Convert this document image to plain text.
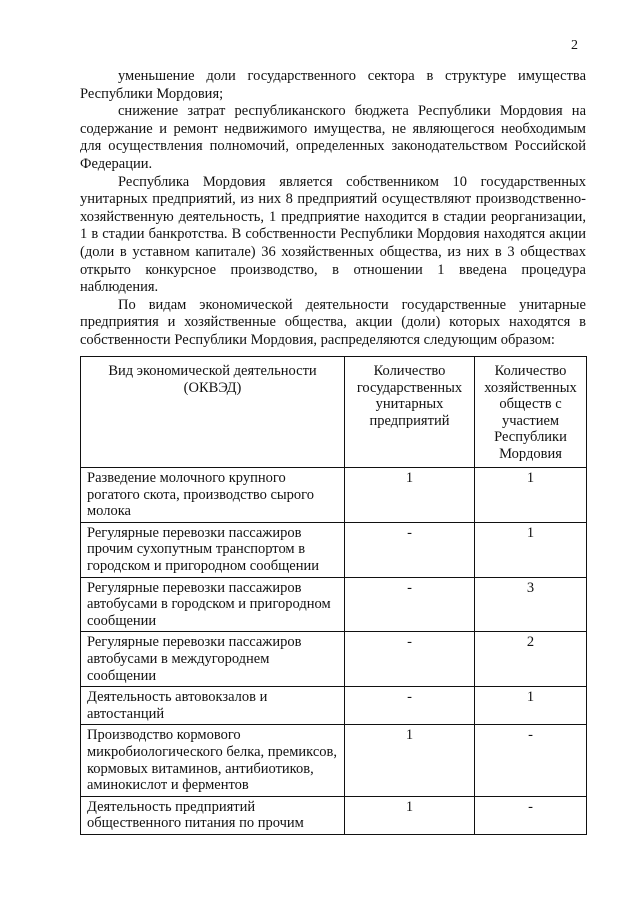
2

уменьшение доли государственного сектора в структуре имущества Республики Мордовия;

снижение затрат республиканского бюджета Республики Мордовия на содержание и ремонт недвижимого имущества, не являющегося необходимым для осуществления полномочий, определенных законодательством Российской Федерации.

Республика Мордовия является собственником 10 государственных унитарных предприятий, из них 8 предприятий осуществляют производственно-хозяйственную деятельность, 1 предприятие находится в стадии реорганизации, 1 в стадии банкротства. В собственности Республики Мордовия находятся акции (доли в уставном капитале) 36 хозяйственных общества, из них в 3 обществах открыто конкурсное производство, в отношении 1 введена процедура наблюдения.

По видам экономической деятельности государственные унитарные предприятия и хозяйственные общества, акции (доли) которых находятся в собственности Республики Мордовия, распределяются следующим образом:

Вид экономической деятельности (ОКВЭД)	Количество государственных унитарных предприятий	Количество хозяйственных обществ с участием Республики Мордовия
Разведение молочного крупного рогатого скота, производство сырого молока	1	1
Регулярные перевозки пассажиров прочим сухопутным транспортом в городском и пригородном сообщении	-	1
Регулярные перевозки пассажиров автобусами в городском и пригородном сообщении	-	3
Регулярные перевозки пассажиров автобусами в междугороднем сообщении	-	2
Деятельность автовокзалов и автостанций	-	1
Производство кормового микробиологического белка, премиксов, кормовых витаминов, антибиотиков, аминокислот и ферментов	1	-
Деятельность предприятий общественного питания по прочим	1	-
